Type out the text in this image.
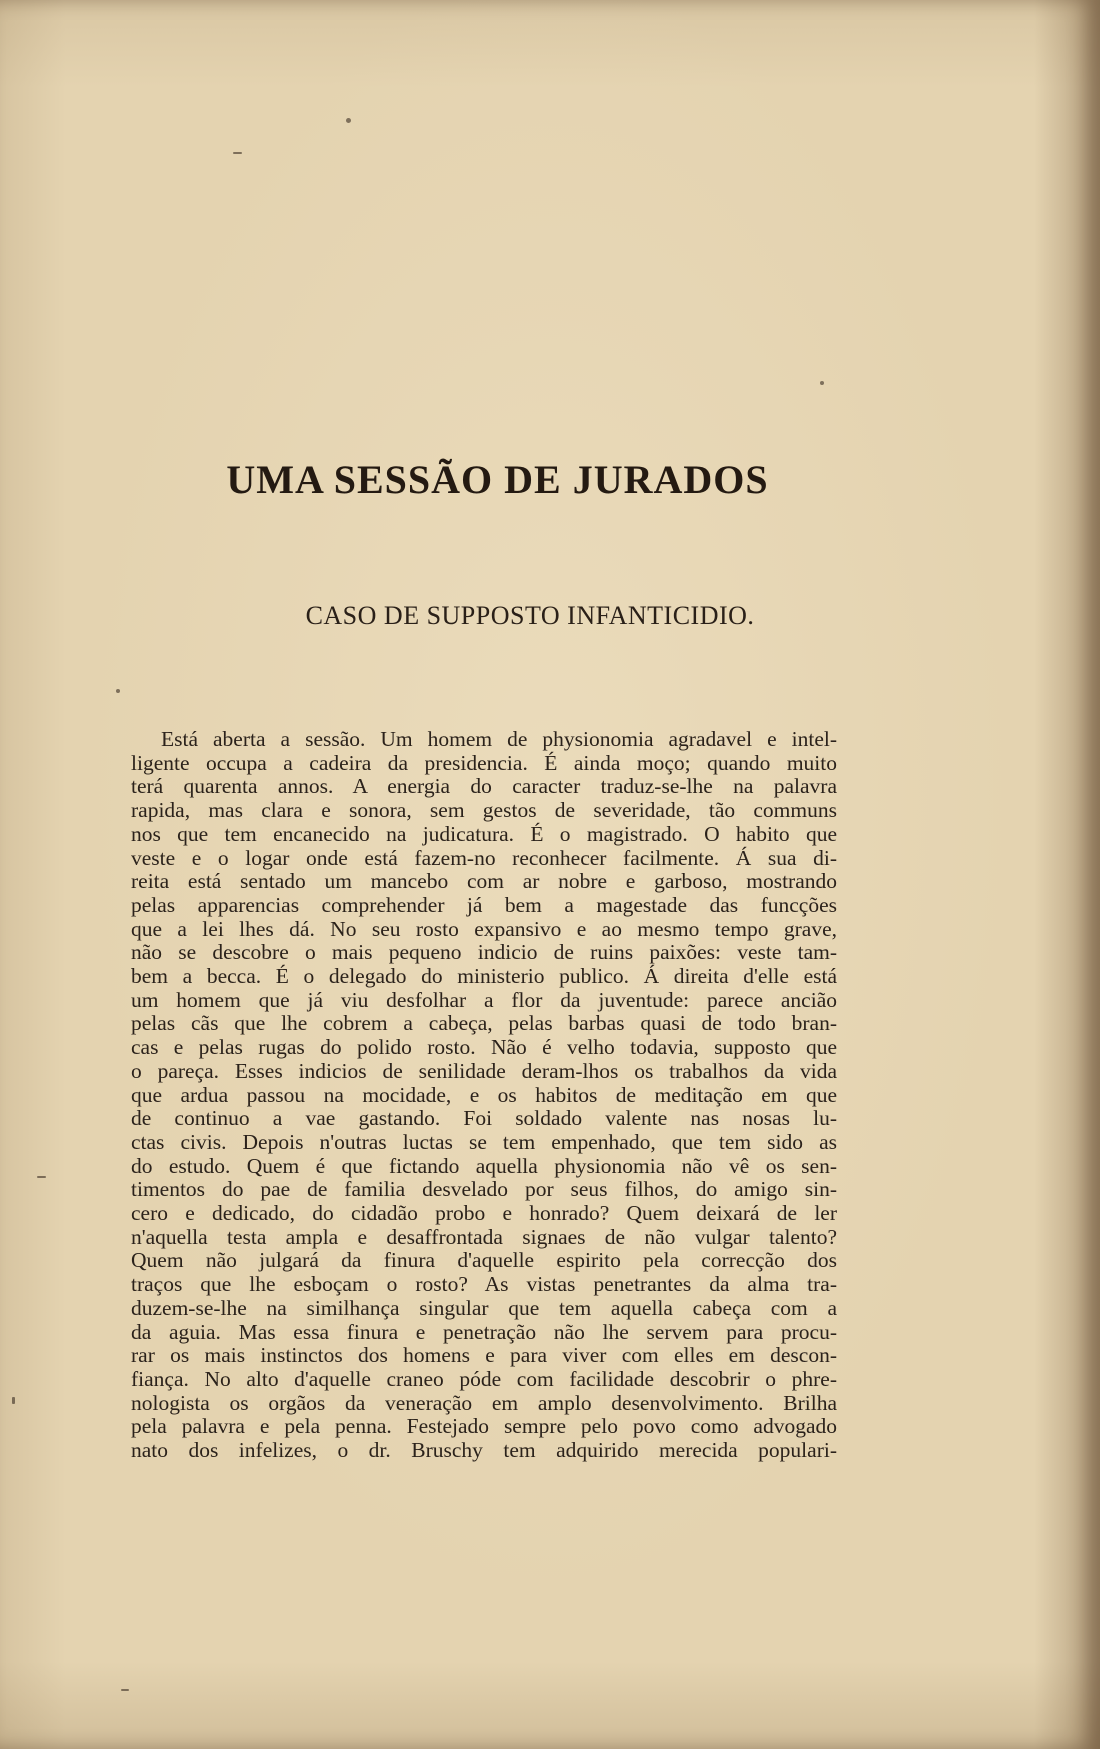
UMA SESSÃO DE JURADOS
CASO DE SUPPOSTO INFANTICIDIO.
Está aberta a sessão. Um homem de physionomia agradavel e intel-
ligente occupa a cadeira da presidencia. É ainda moço; quando muito
terá quarenta annos. A energia do caracter traduz-se-lhe na palavra
rapida, mas clara e sonora, sem gestos de severidade, tão communs
nos que tem encanecido na judicatura. É o magistrado. O habito que
veste e o logar onde está fazem-no reconhecer facilmente. Á sua di-
reita está sentado um mancebo com ar nobre e garboso, mostrando
pelas apparencias comprehender já bem a magestade das funcções
que a lei lhes dá. No seu rosto expansivo e ao mesmo tempo grave,
não se descobre o mais pequeno indicio de ruins paixões: veste tam-
bem a becca. É o delegado do ministerio publico. Á direita d'elle está
um homem que já viu desfolhar a flor da juventude: parece ancião
pelas cãs que lhe cobrem a cabeça, pelas barbas quasi de todo bran-
cas e pelas rugas do polido rosto. Não é velho todavia, supposto que
o pareça. Esses indicios de senilidade deram-lhos os trabalhos da vida
que ardua passou na mocidade, e os habitos de meditação em que
de continuo a vae gastando. Foi soldado valente nas nosas lu-
ctas civis. Depois n'outras luctas se tem empenhado, que tem sido as
do estudo. Quem é que fictando aquella physionomia não vê os sen-
timentos do pae de familia desvelado por seus filhos, do amigo sin-
cero e dedicado, do cidadão probo e honrado? Quem deixará de ler
n'aquella testa ampla e desaffrontada signaes de não vulgar talento?
Quem não julgará da finura d'aquelle espirito pela correcção dos
traços que lhe esboçam o rosto? As vistas penetrantes da alma tra-
duzem-se-lhe na similhança singular que tem aquella cabeça com a
da aguia. Mas essa finura e penetração não lhe servem para procu-
rar os mais instinctos dos homens e para viver com elles em descon-
fiança. No alto d'aquelle craneo póde com facilidade descobrir o phre-
nologista os orgãos da veneração em amplo desenvolvimento. Brilha
pela palavra e pela penna. Festejado sempre pelo povo como advogado
nato dos infelizes, o dr. Bruschy tem adquirido merecida populari-
